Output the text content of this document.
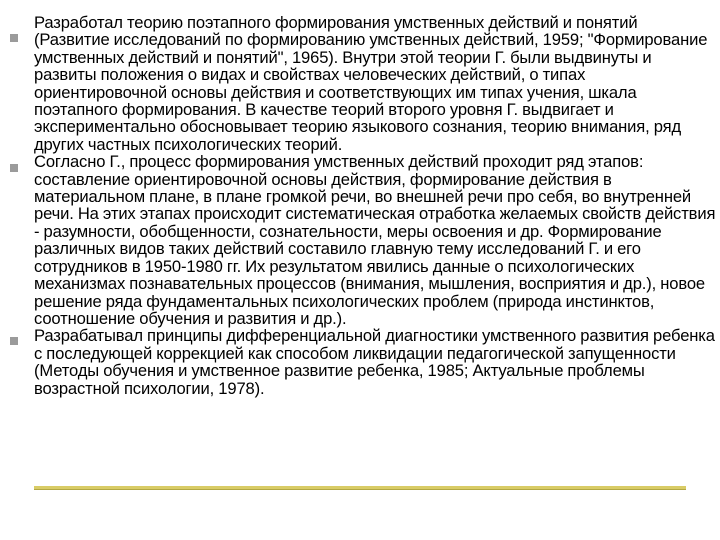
Разработал теорию поэтапного формирования умственных действий и понятий (Развитие исследований по формированию умственных действий, 1959; "Формирование умственных действий и понятий", 1965). Внутри этой теории Г. были выдвинуты и развиты положения о видах и свойствах человеческих действий, о типах ориентировочной основы действия и соответствующих им типах учения, шкала поэтапного формирования. В качестве теорий второго уровня Г. выдвигает и экспериментально обосновывает теорию языкового сознания, теорию внимания, ряд других частных психологических теорий.
Согласно Г., процесс формирования умственных действий проходит ряд этапов: составление ориентировочной основы действия, формирование действия в материальном плане, в плане громкой речи, во внешней речи про себя, во внутренней речи. На этих этапах происходит систематическая отработка желаемых свойств действия - разумности, обобщенности, сознательности, меры освоения и др. Формирование различных видов таких действий составило главную тему исследований Г. и его сотрудников в 1950-1980 гг. Их результатом явились данные о психологических механизмах познавательных процессов (внимания, мышления, восприятия и др.), новое решение ряда фундаментальных психологических проблем (природа инстинктов, соотношение обучения и развития и др.).
Разрабатывал принципы дифференциальной диагностики умственного развития ребенка с последующей коррекцией как способом ликвидации педагогической запущенности (Методы обучения и умственное развитие ребенка, 1985; Актуальные проблемы возрастной психологии, 1978).
